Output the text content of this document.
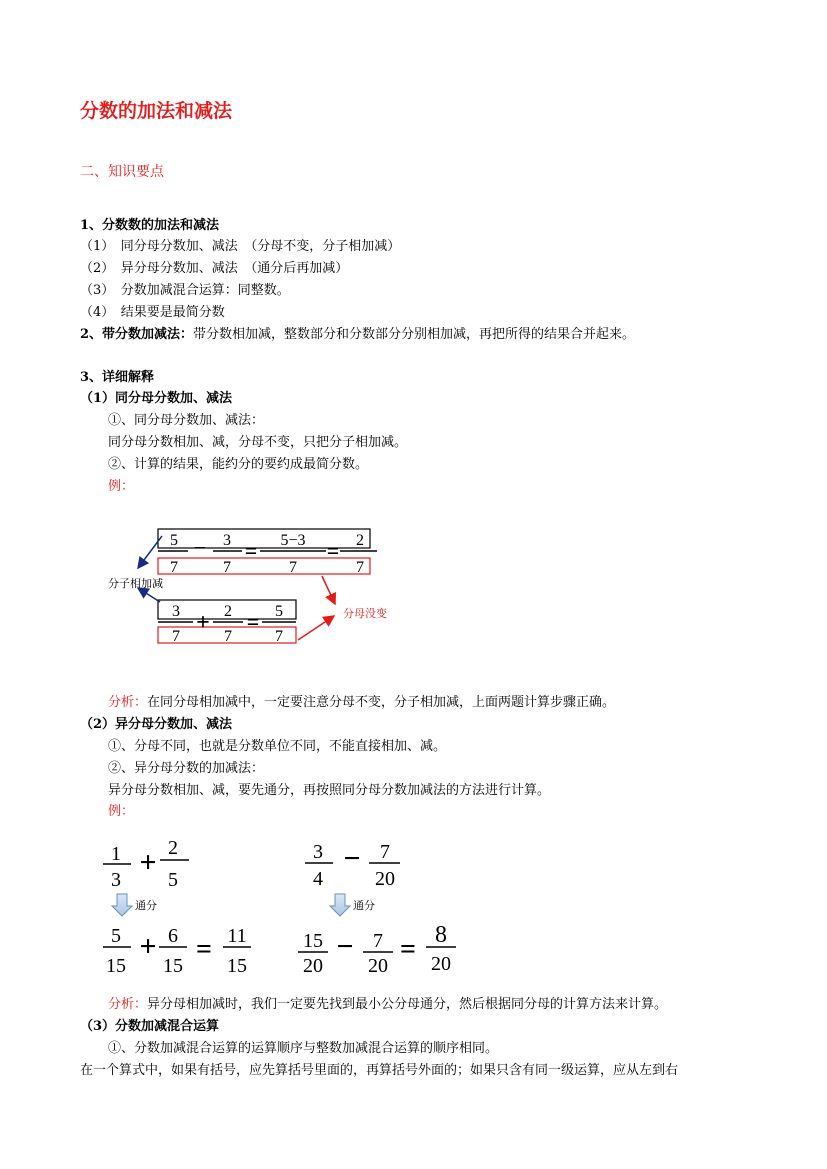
分数的加法和减法
二、知识要点
1、分数数的加法和减法
（1）　同分母分数加、减法　（分母不变，分子相加减）
（2）　异分母分数加、减法　（通分后再加减）
（3）　分数加减混合运算：同整数。
（4）　结果要是最简分数
2、带分数加减法：带分数相加减，整数部分和分数部分分别相加减，再把所得的结果合并起来。
3、详细解释
（1）同分母分数加、减法
①、同分母分数加、减法：
同分母分数相加、减，分母不变，只把分子相加减。
②、计算的结果，能约分的要约成最简分数。
例：
5
7
− 3
7
= 5−3
7
= 2
7
3
7
+ 2
7
= 5
7
分子相加减
分母没变
分析：在同分母相加减中，一定要注意分母不变，分子相加减，上面两题计算步骤正确。
（2）异分母分数加、减法
①、分母不同，也就是分数单位不同，不能直接相加、减。
②、异分母分数的加减法：
异分母分数相加、减，要先通分，再按照同分母分数加减法的方法进行计算。
例：
1
3
+ 2
5
通分
5
15
+ 6
15
= 11
15
3
4
− 7
20
通分
15
20
− 7
20
= 8
20
分析：异分母相加减时，我们一定要先找到最小公分母通分，然后根据同分母的计算方法来计算。
（3）分数加减混合运算
①、分数加减混合运算的运算顺序与整数加减混合运算的顺序相同。
在一个算式中，如果有括号，应先算括号里面的，再算括号外面的；如果只含有同一级运算，应从左到右
